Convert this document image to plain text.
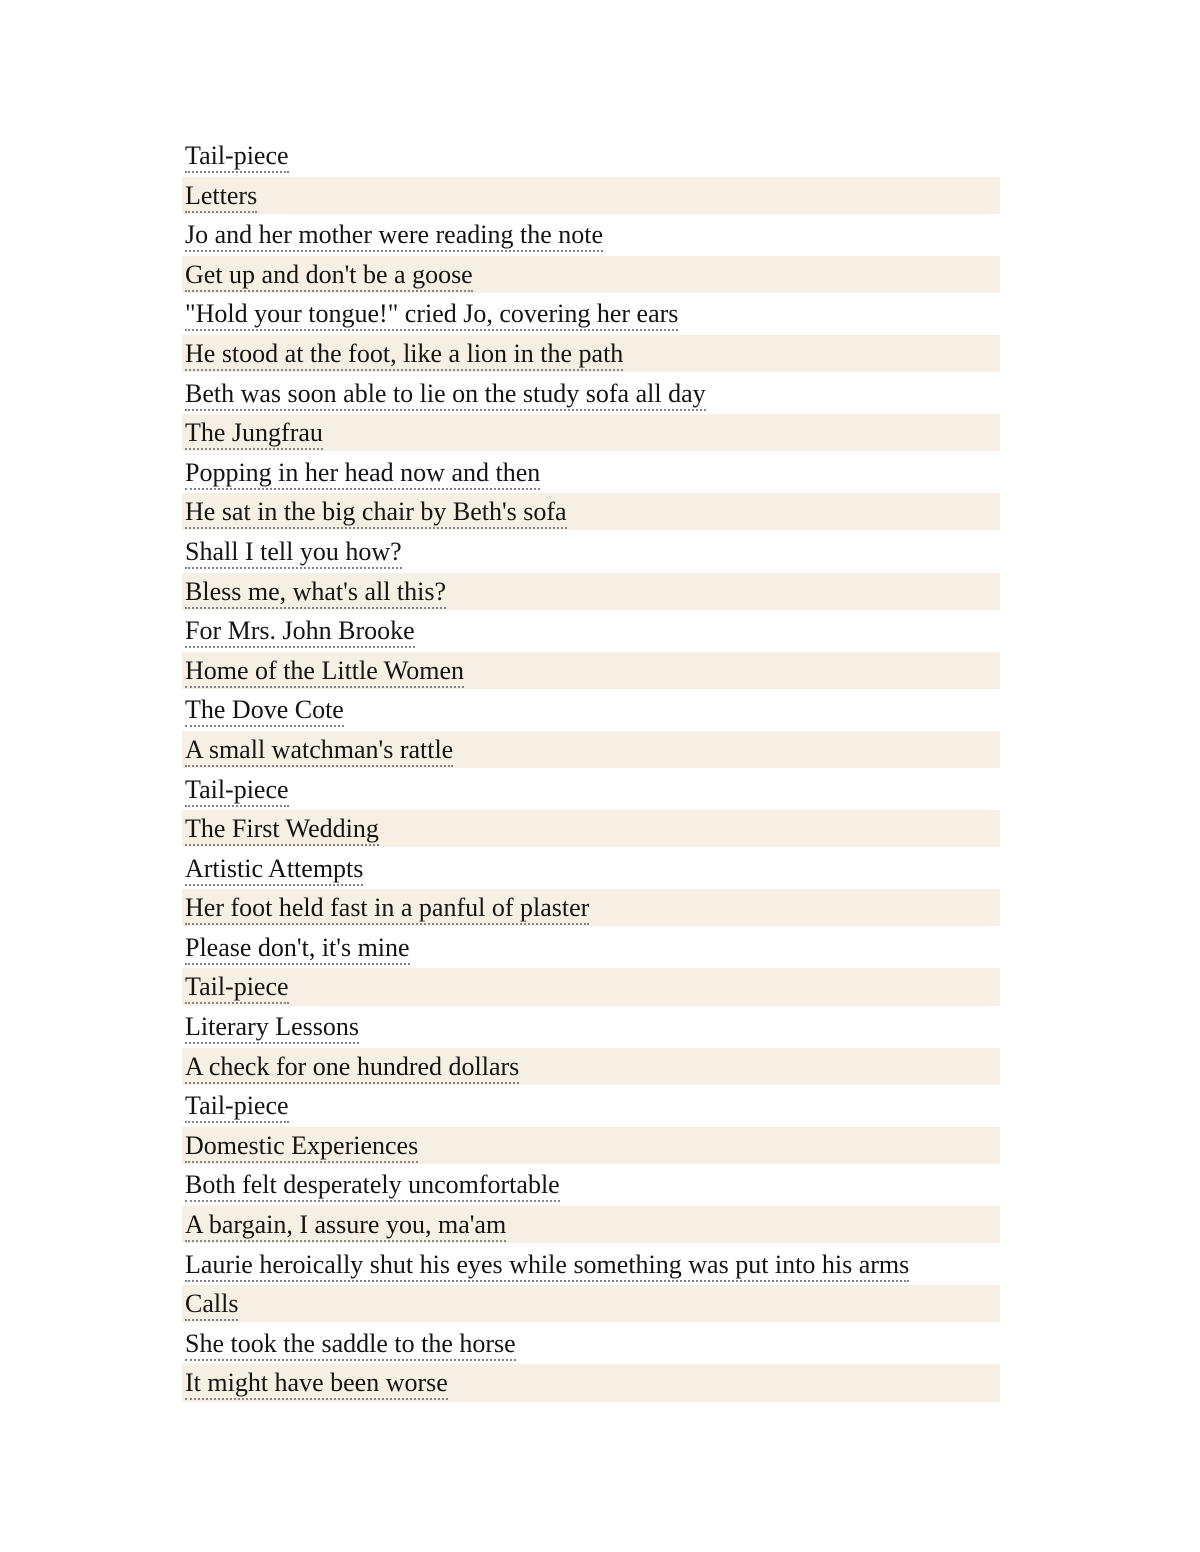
Tail-piece
Letters
Jo and her mother were reading the note
Get up and don't be a goose
"Hold your tongue!" cried Jo, covering her ears
He stood at the foot, like a lion in the path
Beth was soon able to lie on the study sofa all day
The Jungfrau
Popping in her head now and then
He sat in the big chair by Beth's sofa
Shall I tell you how?
Bless me, what's all this?
For Mrs. John Brooke
Home of the Little Women
The Dove Cote
A small watchman's rattle
Tail-piece
The First Wedding
Artistic Attempts
Her foot held fast in a panful of plaster
Please don't, it's mine
Tail-piece
Literary Lessons
A check for one hundred dollars
Tail-piece
Domestic Experiences
Both felt desperately uncomfortable
A bargain, I assure you, ma'am
Laurie heroically shut his eyes while something was put into his arms
Calls
She took the saddle to the horse
It might have been worse
